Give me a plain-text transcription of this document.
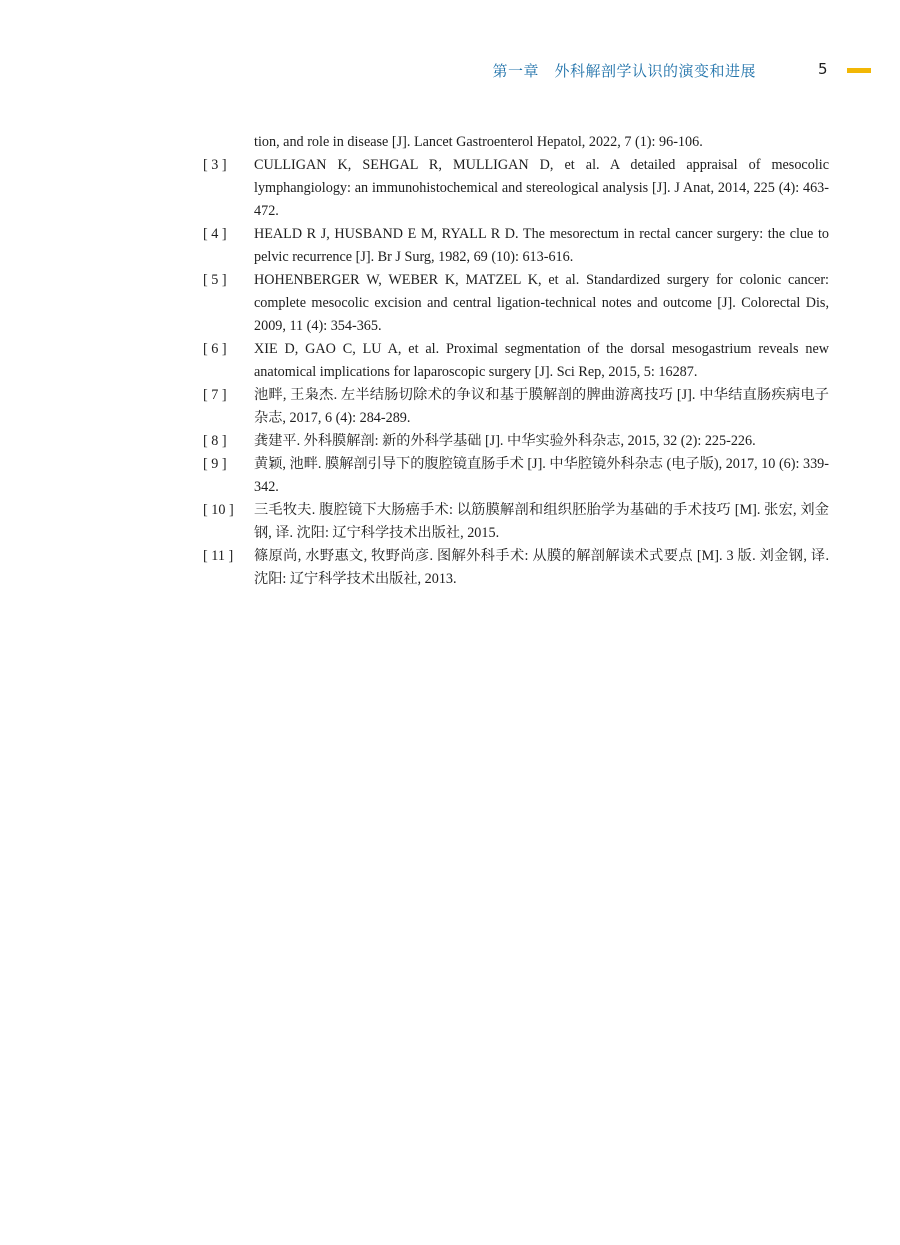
第一章　外科解剖学认识的演变和进展	5
tion, and role in disease [J]. Lancet Gastroenterol Hepatol, 2022, 7 (1): 96-106.
[ 3 ]	CULLIGAN K, SEHGAL R, MULLIGAN D, et al. A detailed appraisal of mesocolic lymphangiology: an immunohistochemical and stereological analysis [J]. J Anat, 2014, 225 (4): 463-472.
[ 4 ]	HEALD R J, HUSBAND E M, RYALL R D. The mesorectum in rectal cancer surgery: the clue to pelvic recurrence [J]. Br J Surg, 1982, 69 (10): 613-616.
[ 5 ]	HOHENBERGER W, WEBER K, MATZEL K, et al. Standardized surgery for colonic cancer: complete mesocolic excision and central ligation-technical notes and outcome [J]. Colorectal Dis, 2009, 11 (4): 354-365.
[ 6 ]	XIE D, GAO C, LU A, et al. Proximal segmentation of the dorsal mesogastrium reveals new anatomical implications for laparoscopic surgery [J]. Sci Rep, 2015, 5: 16287.
[ 7 ]	池畔, 王枭杰. 左半结肠切除术的争议和基于膜解剖的脾曲游离技巧 [J]. 中华结直肠疾病电子杂志, 2017, 6 (4): 284-289.
[ 8 ]	龚建平. 外科膜解剖: 新的外科学基础 [J]. 中华实验外科杂志, 2015, 32 (2): 225-226.
[ 9 ]	黄颖, 池畔. 膜解剖引导下的腹腔镜直肠手术 [J]. 中华腔镜外科杂志 (电子版), 2017, 10 (6): 339-342.
[ 10 ]	三毛牧夫. 腹腔镜下大肠癌手术: 以筋膜解剖和组织胚胎学为基础的手术技巧 [M]. 张宏, 刘金钢, 译. 沈阳: 辽宁科学技术出版社, 2015.
[ 11 ]	篠原尚, 水野惠文, 牧野尚彦. 图解外科手术: 从膜的解剖解读术式要点 [M]. 3 版. 刘金钢, 译. 沈阳: 辽宁科学技术出版社, 2013.
